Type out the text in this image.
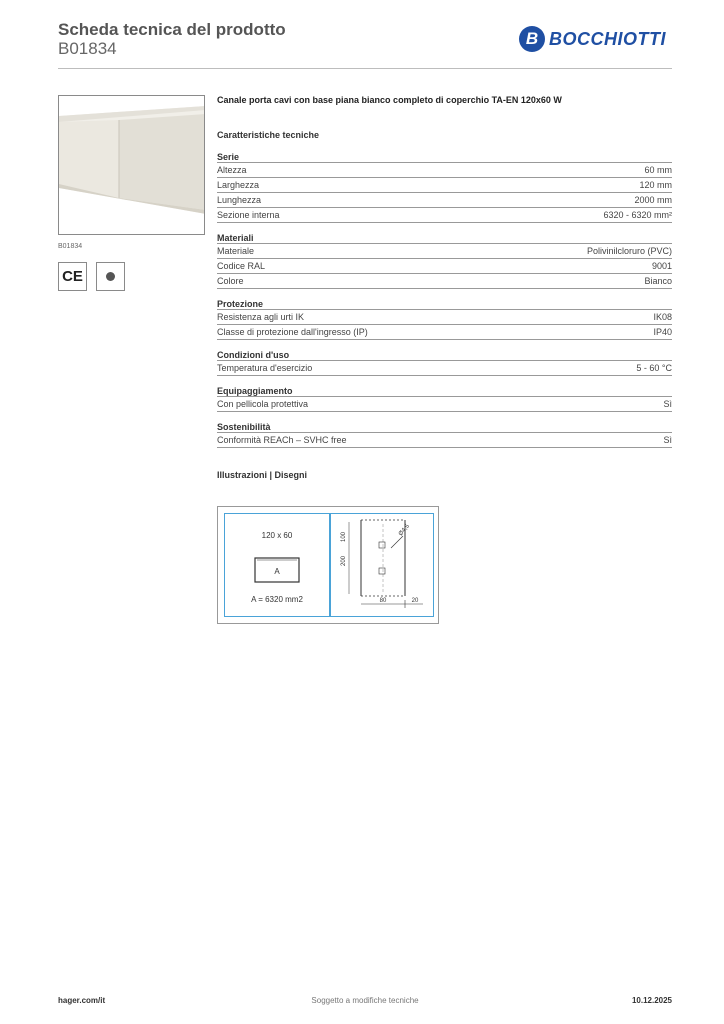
Scheda tecnica del prodotto
B01834
B BOCCHIOTTI
B01834
CE
Canale porta cavi con base piana bianco completo di coperchio TA-EN 120x60 W
Caratteristiche tecniche
Serie
Altezza	60 mm
Larghezza	120 mm
Lunghezza	2000 mm
Sezione interna	6320 - 6320 mm²
Materiali
Materiale	Polivinilcloruro (PVC)
Codice RAL	9001
Colore	Bianco
Protezione
Resistenza agli urti IK	IK08
Classe di protezione dall'ingresso (IP)	IP40
Condizioni d'uso
Temperatura d'esercizio	5 - 60 °C
Equipaggiamento
Con pellicola protettiva	Sì
Sostenibilità
Conformità REACh – SVHC free	Sì
Illustrazioni | Disegni
120 x 60
A
A = 6320 mm2
200
100	Ø4,5
80	20
hager.com/it	Soggetto a modifiche tecniche	10.12.2025
